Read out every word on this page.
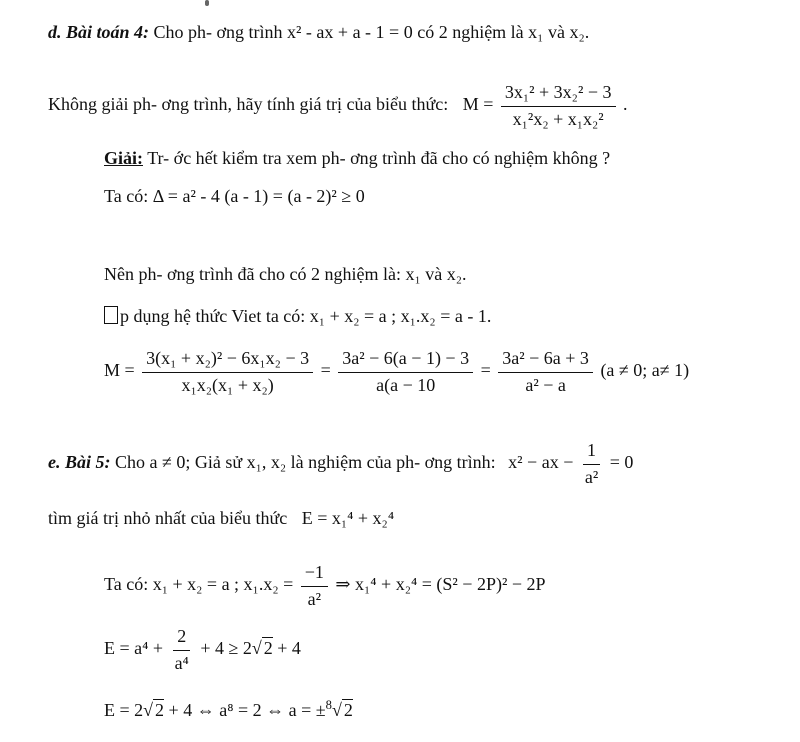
d. Bài toán 4: Cho ph- ơng trình x² - ax + a - 1 = 0 có 2 nghiệm là x₁ và x₂.
Không giải ph- ơng trình, hãy tính giá trị của biểu thức: $M = \frac{\text{3x₁² + 3x₂² − 3}}{\text{x₁²x₂ + x₁x₂²}}$ .
Giải: Tr- ớc hết kiểm tra xem ph- ơng trình đã cho có nghiệm không ?
Ta có: Δ = a² - 4 (a - 1) = (a - 2)² ≥ 0
Nên ph- ơng trình đã cho có 2 nghiệm là: x₁ và x₂.
p dụng hệ thức Viet ta có: x₁ + x₂ = a ; x₁.x₂ = a - 1.
$M = \frac{\text{3(x₁ + x₂)² − 6x₁x₂ − 3}}{\text{x₁x₂(x₁ + x₂)}} = \frac{\text{3a² − 6(a − 1) − 3}}{a(a - 10} = \frac{\text{3a² − 6a + 3}}{\text{a² − a}} (a \ne 0$; a≠ 1)
e. Bài 5: Cho a ≠ 0; Giả sử x₁, x₂ là nghiệm của ph- ơng trình: x² − ax − $\frac{1}{\text{a²}} = 0$
tìm giá trị nhỏ nhất của biểu thức E = x₁⁴ + x₂⁴
Ta có: x₁ + x₂ = a ; $x_1.x_2 = \frac{-1}{\text{a²}}$ ⇒ x₁⁴ + x₂⁴ = (S² − 2P)² − 2P
$E = a^4 + \frac{2}{\text{a⁴}} + 4 \ge 2√$ 2 + 4
E = 2√ 2 + 4 ⇔ a⁸ = 2 ⇔ a = ±$^8$√ 2
